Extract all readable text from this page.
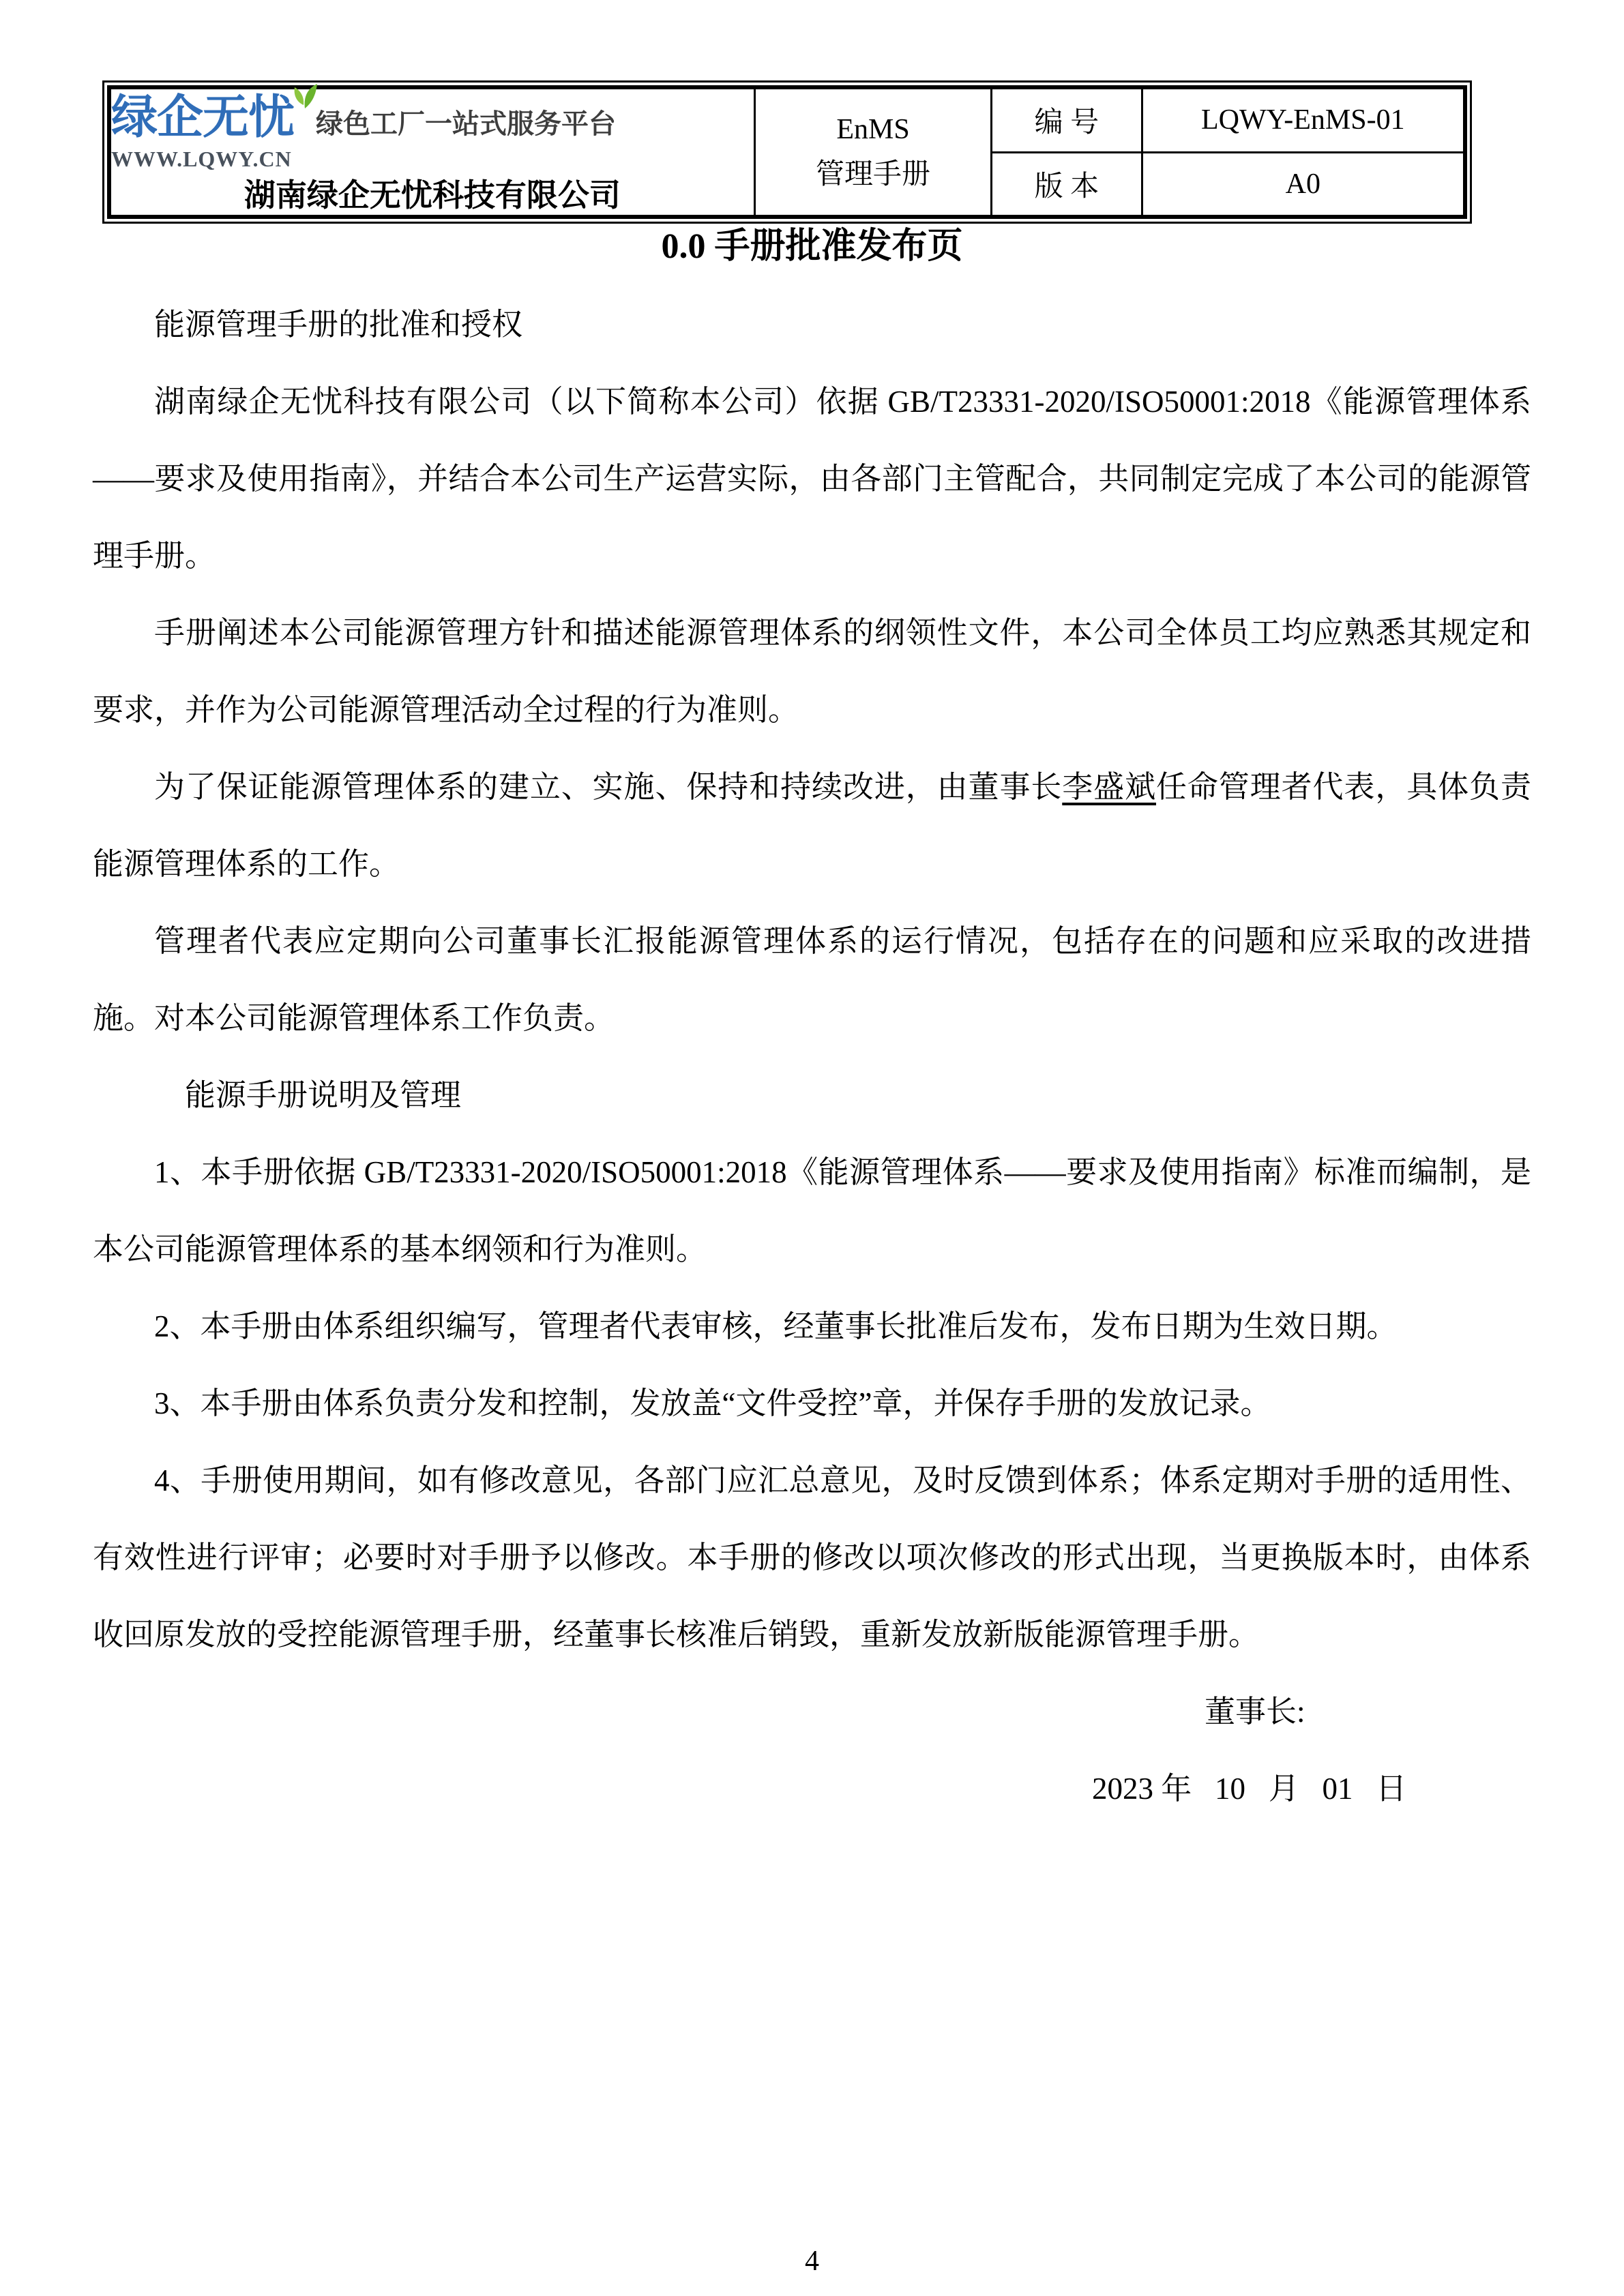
绿企无忧
WWW.LQWY.CN
绿色工厂一站式服务平台
湖南绿企无忧科技有限公司

EnMS
管理手册
	编 号	LQWY-EnMS-01
		版 本	A0
0.0 手册批准发布页

能源管理手册的批准和授权

湖南绿企无忧科技有限公司（以下简称本公司）依据 GB/T23331-2020/ISO50001:2018《能源管理体系——要求及使用指南》，并结合本公司生产运营实际，由各部门主管配合，共同制定完成了本公司的能源管理手册。

手册阐述本公司能源管理方针和描述能源管理体系的纲领性文件，本公司全体员工均应熟悉其规定和要求，并作为公司能源管理活动全过程的行为准则。

为了保证能源管理体系的建立、实施、保持和持续改进，由董事长李盛斌任命管理者代表，具体负责能源管理体系的工作。

管理者代表应定期向公司董事长汇报能源管理体系的运行情况，包括存在的问题和应采取的改进措施。对本公司能源管理体系工作负责。

能源手册说明及管理

1、本手册依据 GB/T23331-2020/ISO50001:2018《能源管理体系——要求及使用指南》标准而编制，是本公司能源管理体系的基本纲领和行为准则。

2、本手册由体系组织编写，管理者代表审核，经董事长批准后发布，发布日期为生效日期。

3、本手册由体系负责分发和控制，发放盖“文件受控”章，并保存手册的发放记录。

4、手册使用期间，如有修改意见，各部门应汇总意见，及时反馈到体系；体系定期对手册的适用性、有效性进行评审；必要时对手册予以修改。本手册的修改以项次修改的形式出现，当更换版本时，由体系收回原发放的受控能源管理手册，经董事长核准后销毁，重新发放新版能源管理手册。

董事长:

2023 年   10   月   01   日

4
